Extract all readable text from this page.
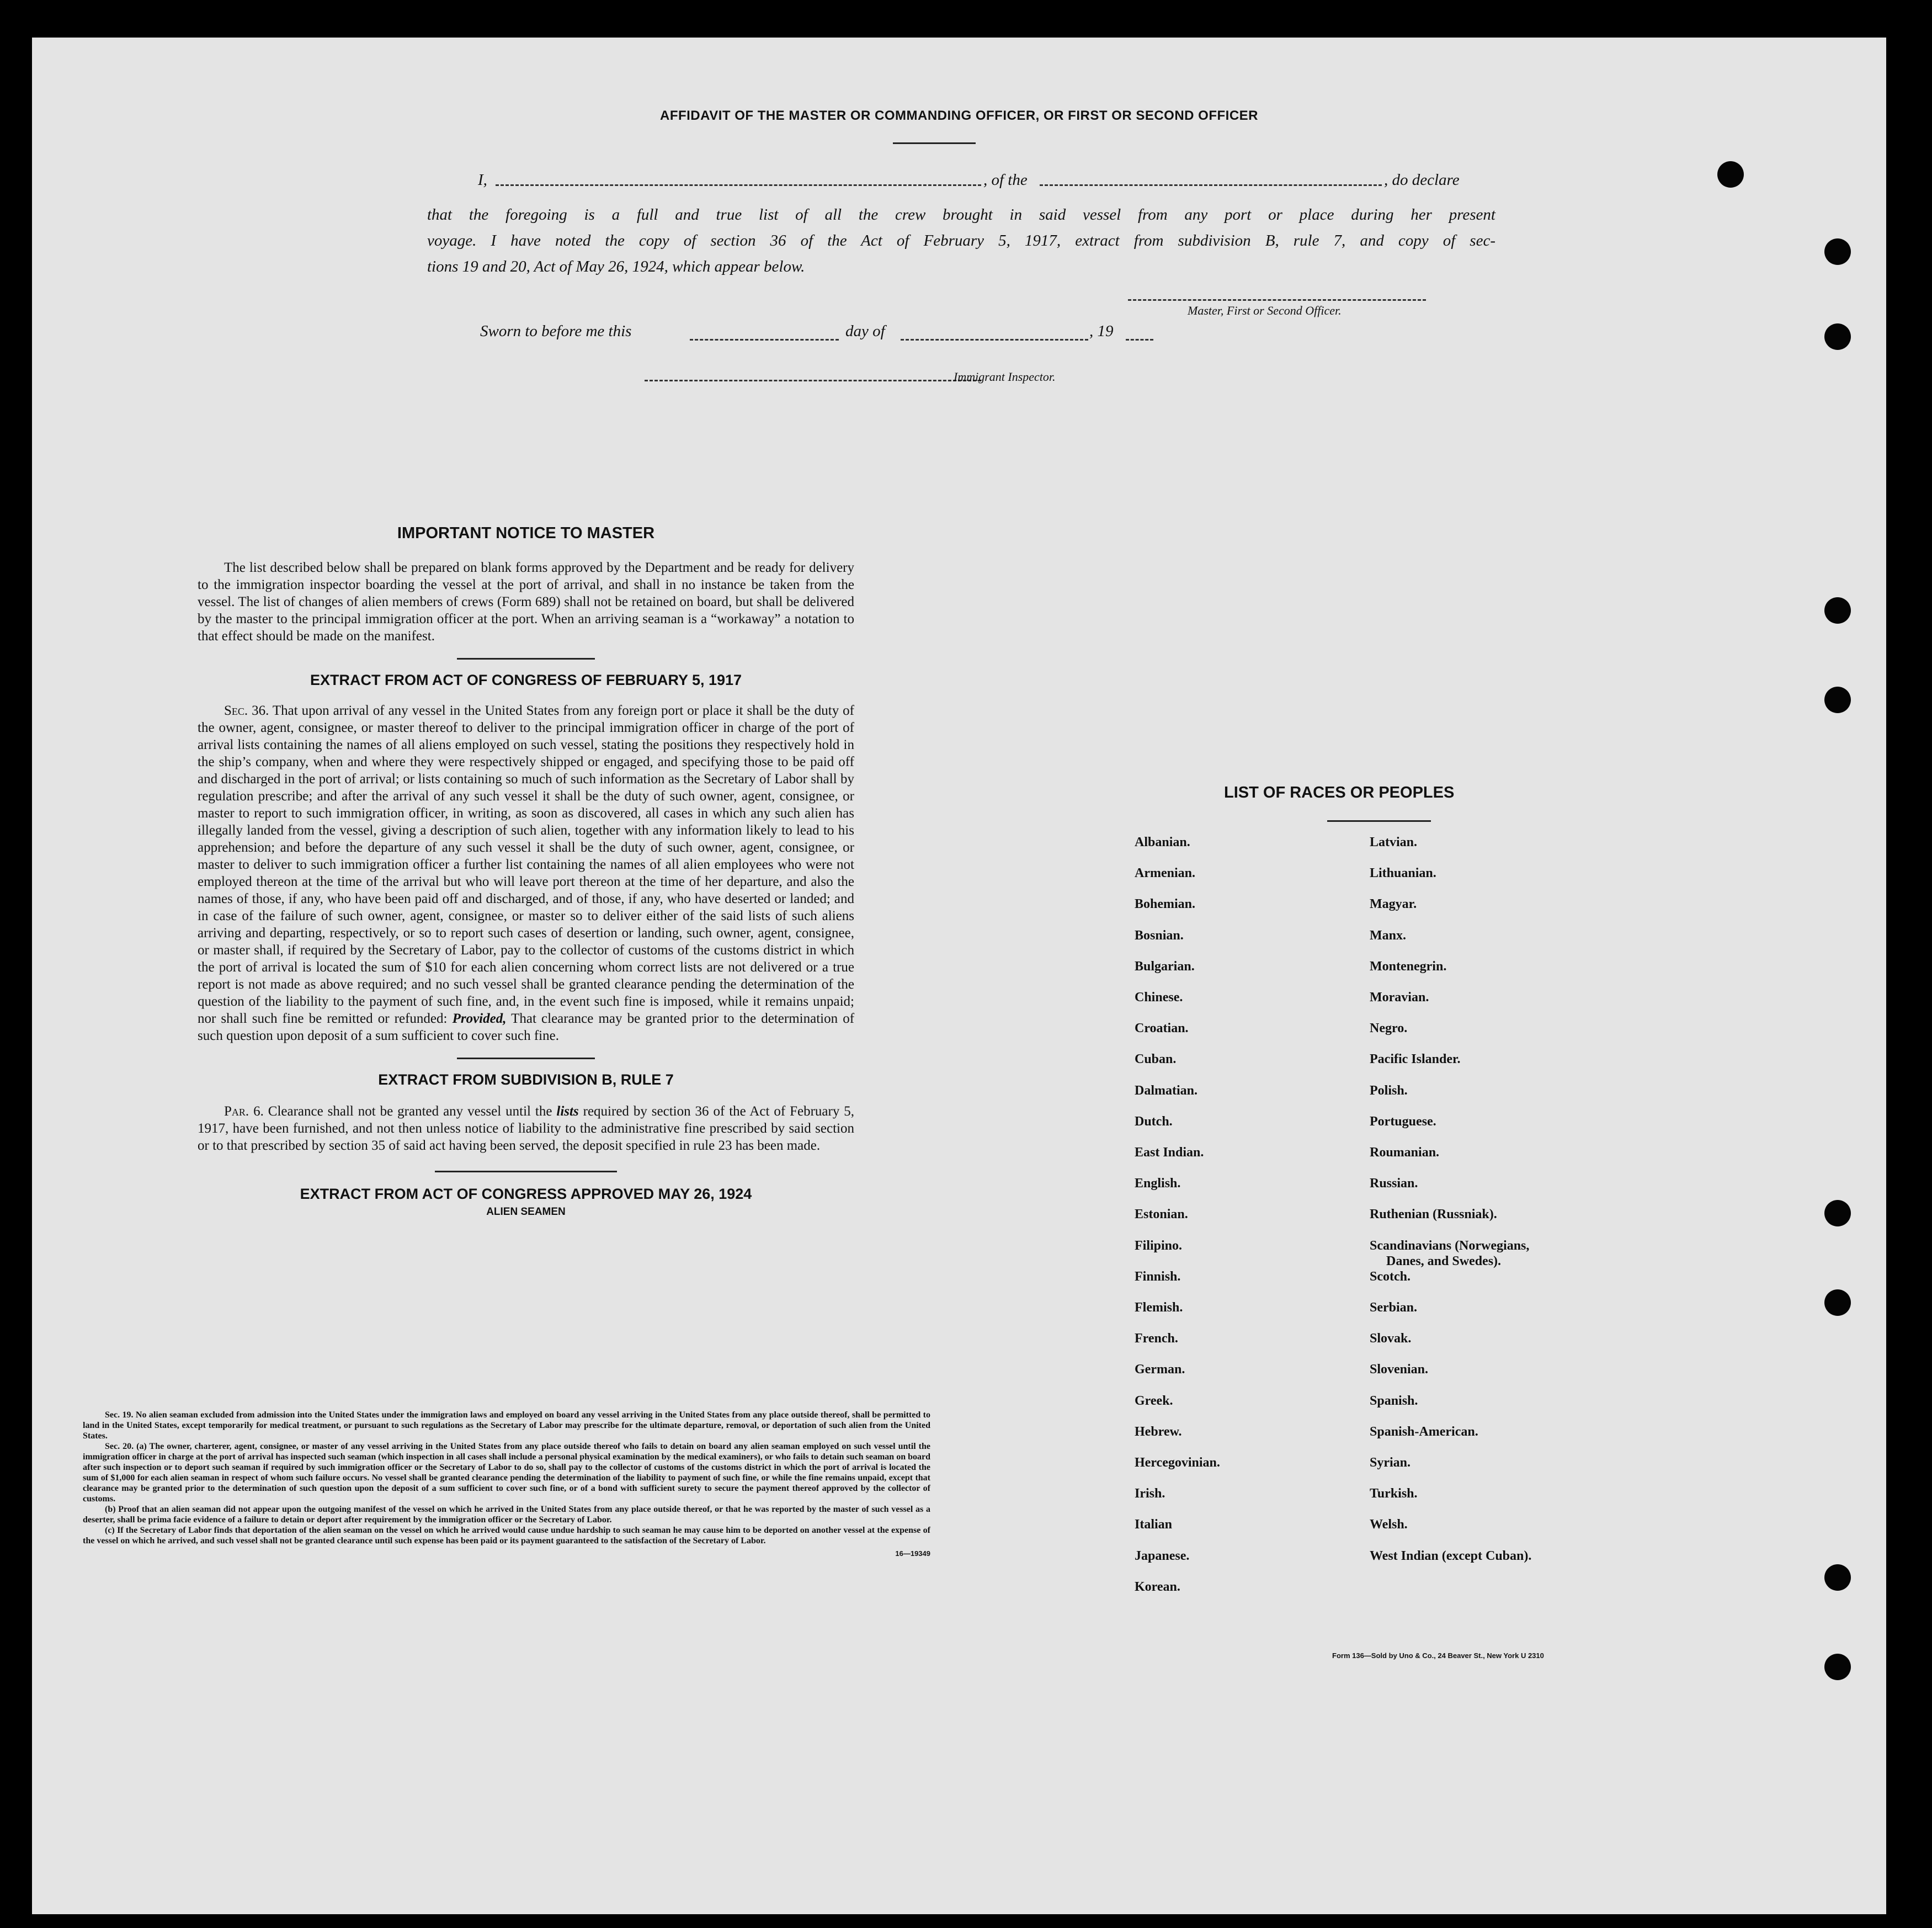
AFFIDAVIT OF THE MASTER OR COMMANDING OFFICER, OR FIRST OR SECOND OFFICER
I,	, of the	, do declare
that the foregoing is a full and true list of all the crew brought in said vessel from any port or place during her present
voyage. I have noted the copy of section 36 of the Act of February 5, 1917, extract from subdivision B, rule 7, and copy of sec-
tions 19 and 20, Act of May 26, 1924, which appear below.
Master, First or Second Officer.
Sworn to before me this	day of	, 19
Immigrant Inspector.
IMPORTANT NOTICE TO MASTER
The list described below shall be prepared on blank forms approved by the Department and be ready for delivery to the immigration inspector boarding the vessel at the port of arrival, and shall in no instance be taken from the vessel. The list of changes of alien members of crews (Form 689) shall not be retained on board, but shall be delivered by the master to the principal immigration officer at the port. When an arriving seaman is a “workaway” a notation to that effect should be made on the manifest.
EXTRACT FROM ACT OF CONGRESS OF FEBRUARY 5, 1917
Sec. 36. That upon arrival of any vessel in the United States from any foreign port or place it shall be the duty of the owner, agent, consignee, or master thereof to deliver to the principal immigration officer in charge of the port of arrival lists containing the names of all aliens employed on such vessel, stating the positions they respectively hold in the ship’s company, when and where they were respectively shipped or engaged, and specifying those to be paid off and discharged in the port of arrival; or lists containing so much of such information as the Secretary of Labor shall by regulation prescribe; and after the arrival of any such vessel it shall be the duty of such owner, agent, consignee, or master to report to such immigration officer, in writing, as soon as discovered, all cases in which any such alien has illegally landed from the vessel, giving a description of such alien, together with any information likely to lead to his apprehension; and before the departure of any such vessel it shall be the duty of such owner, agent, consignee, or master to deliver to such immigration officer a further list containing the names of all alien employees who were not employed thereon at the time of the arrival but who will leave port thereon at the time of her departure, and also the names of those, if any, who have been paid off and discharged, and of those, if any, who have deserted or landed; and in case of the failure of such owner, agent, consignee, or master so to deliver either of the said lists of such aliens arriving and departing, respectively, or so to report such cases of desertion or landing, such owner, agent, consignee, or master shall, if required by the Secretary of Labor, pay to the collector of customs of the customs district in which the port of arrival is located the sum of $10 for each alien concerning whom correct lists are not delivered or a true report is not made as above required; and no such vessel shall be granted clearance pending the determination of the question of the liability to the payment of such fine, and, in the event such fine is imposed, while it remains unpaid; nor shall such fine be remitted or refunded: Provided, That clearance may be granted prior to the determination of such question upon deposit of a sum sufficient to cover such fine.
EXTRACT FROM SUBDIVISION B, RULE 7
Par. 6. Clearance shall not be granted any vessel until the lists required by section 36 of the Act of February 5, 1917, have been furnished, and not then unless notice of liability to the administrative fine prescribed by said section or to that prescribed by section 35 of said act having been served, the deposit specified in rule 23 has been made.
EXTRACT FROM ACT OF CONGRESS APPROVED MAY 26, 1924
ALIEN SEAMEN
Sec. 19. No alien seaman excluded from admission into the United States under the immigration laws and employed on board any vessel arriving in the United States from any place outside thereof, shall be permitted to land in the United States, except temporarily for medical treatment, or pursuant to such regulations as the Secretary of Labor may prescribe for the ultimate departure, removal, or deportation of such alien from the United States.
Sec. 20. (a) The owner, charterer, agent, consignee, or master of any vessel arriving in the United States from any place outside thereof who fails to detain on board any alien seaman employed on such vessel until the immigration officer in charge at the port of arrival has inspected such seaman (which inspection in all cases shall include a personal physical examination by the medical examiners), or who fails to detain such seaman on board after such inspection or to deport such seaman if required by such immigration officer or the Secretary of Labor to do so, shall pay to the collector of customs of the customs district in which the port of arrival is located the sum of $1,000 for each alien seaman in respect of whom such failure occurs. No vessel shall be granted clearance pending the determination of the liability to payment of such fine, or while the fine remains unpaid, except that clearance may be granted prior to the determination of such question upon the deposit of a sum sufficient to cover such fine, or of a bond with sufficient surety to secure the payment thereof approved by the collector of customs.
(b) Proof that an alien seaman did not appear upon the outgoing manifest of the vessel on which he arrived in the United States from any place outside thereof, or that he was reported by the master of such vessel as a deserter, shall be prima facie evidence of a failure to detain or deport after requirement by the immigration officer or the Secretary of Labor.
(c) If the Secretary of Labor finds that deportation of the alien seaman on the vessel on which he arrived would cause undue hardship to such seaman he may cause him to be deported on another vessel at the expense of the vessel on which he arrived, and such vessel shall not be granted clearance until such expense has been paid or its payment guaranteed to the satisfaction of the Secretary of Labor.
16—19349
LIST OF RACES OR PEOPLES
Form 136—Sold by Uno & Co., 24 Beaver St., New York U 2310
Albanian.
Armenian.
Bohemian.
Bosnian.
Bulgarian.
Chinese.
Croatian.
Cuban.
Dalmatian.
Dutch.
East Indian.
English.
Estonian.
Filipino.
Finnish.
Flemish.
French.
German.
Greek.
Hebrew.
Hercegovinian.
Irish.
Italian
Japanese.
Korean.
Latvian.
Lithuanian.
Magyar.
Manx.
Montenegrin.
Moravian.
Negro.
Pacific Islander.
Polish.
Portuguese.
Roumanian.
Russian.
Ruthenian (Russniak).
Scandinavians (Norwegians,
Danes, and Swedes).
Scotch.
Serbian.
Slovak.
Slovenian.
Spanish.
Spanish-American.
Syrian.
Turkish.
Welsh.
West Indian (except Cuban).
